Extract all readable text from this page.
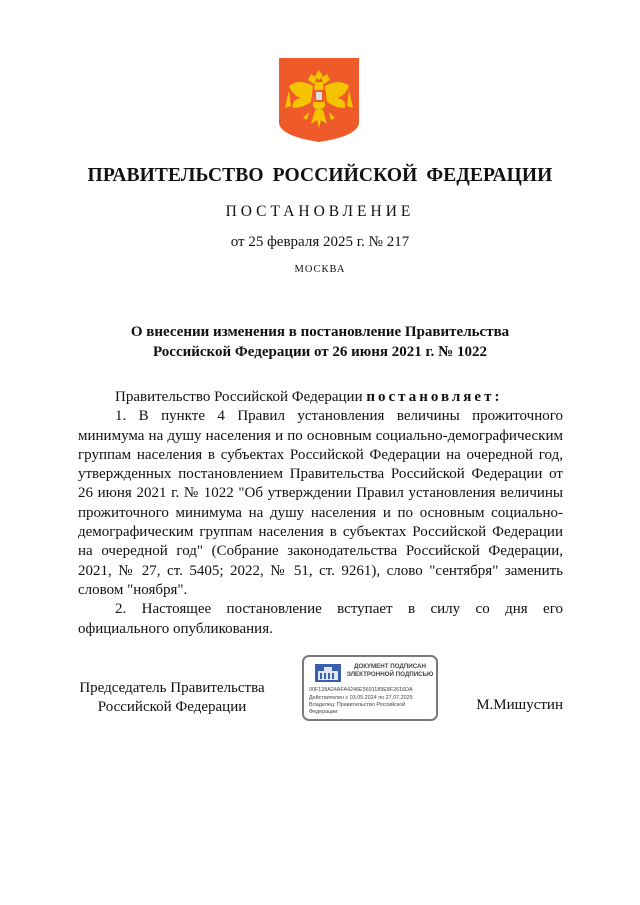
ПРАВИТЕЛЬСТВО РОССИЙСКОЙ ФЕДЕРАЦИИ
ПОСТАНОВЛЕНИЕ
от 25 февраля 2025 г. № 217
МОСКВА
О внесении изменения в постановление Правительства
Российской Федерации от 26 июня 2021 г. № 1022

Правительство Российской Федерации постановляет:

1. В пункте 4 Правил установления величины прожиточного минимума на душу населения и по основным социально-демографическим группам населения в субъектах Российской Федерации на очередной год, утвержденных постановлением Правительства Российской Федерации от 26 июня 2021 г. № 1022 "Об утверждении Правил установления величины прожиточного минимума на душу населения и по основным социально-демографическим группам населения в субъектах Российской Федерации на очередной год" (Собрание законодательства Российской Федерации, 2021, № 27, ст. 5405; 2022, № 51, ст. 9261), слово "сентября" заменить словом "ноября".

2. Настоящее постановление вступает в силу со дня его официального опубликования.

Председатель Правительства
Российской Федерации
ДОКУМЕНТ ПОДПИСАН
ЭЛЕКТРОННОЙ ПОДПИСЬЮ
00F128A24AFA4246E5691189E8F2616DA
Действителен с 03.05.2024 по 27.07.2025
Владелец: Правительство Российской
Федерации	М.Мишустин
